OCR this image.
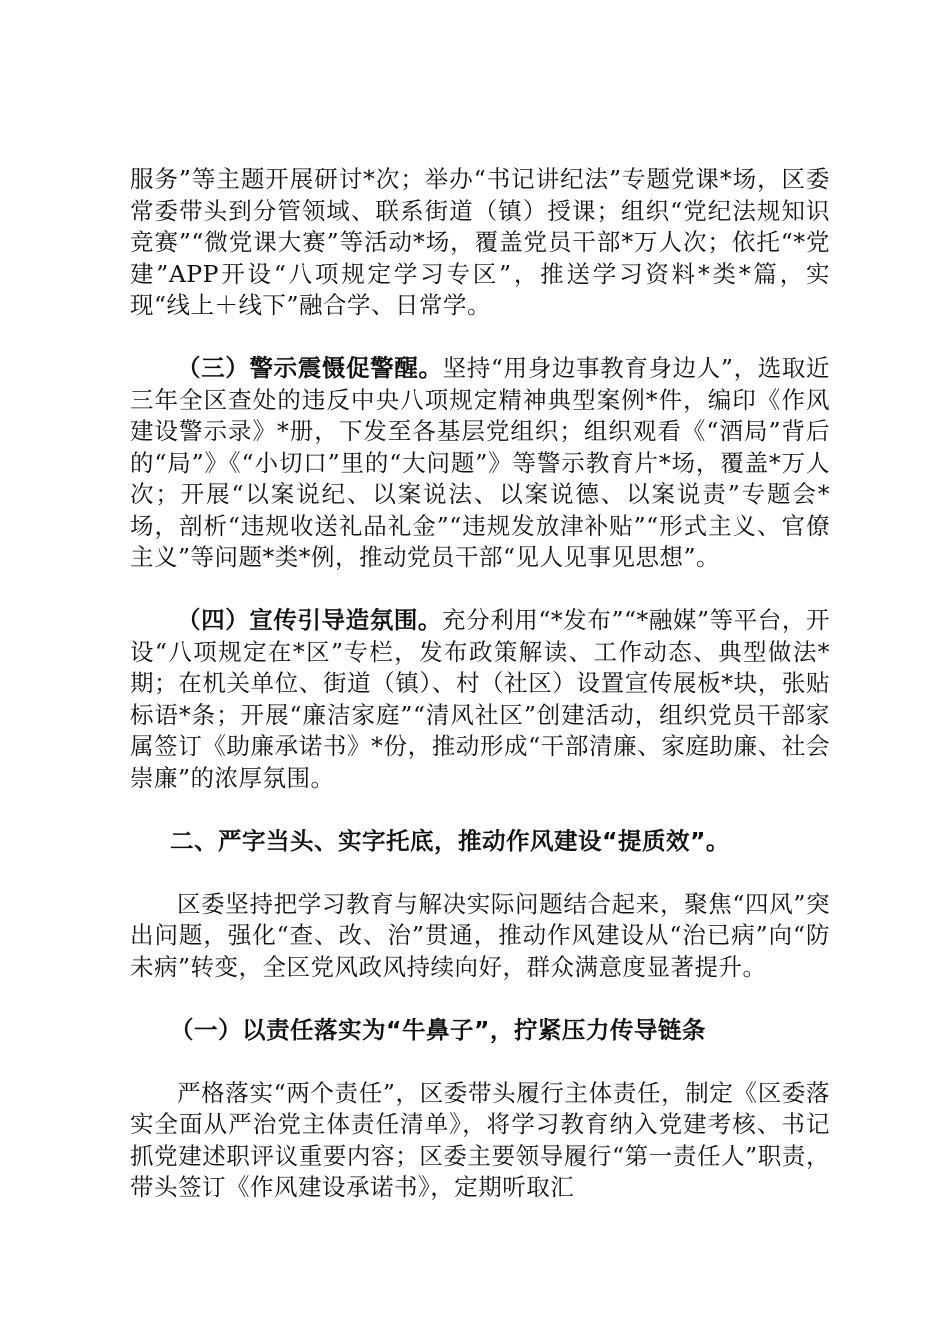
服务”等主题开展研讨*次；举办“书记讲纪法”专题党课*场，区委常委带头到分管领域、联系街道（镇）授课；组织“党纪法规知识竞赛”“微党课大赛”等活动*场，覆盖党员干部*万人次；依托“*党建”APP开设“八项规定学习专区”，推送学习资料*类*篇，实现“线上＋线下”融合学、日常学。

（三）警示震慑促警醒。坚持“用身边事教育身边人”，选取近三年全区查处的违反中央八项规定精神典型案例*件，编印《作风建设警示录》*册，下发至各基层党组织；组织观看《“酒局”背后的“局”》《“小切口”里的“大问题”》等警示教育片*场，覆盖*万人次；开展“以案说纪、以案说法、以案说德、以案说责”专题会*场，剖析“违规收送礼品礼金”“违规发放津补贴”“形式主义、官僚主义”等问题*类*例，推动党员干部“见人见事见思想”。

（四）宣传引导造氛围。充分利用“*发布”“*融媒”等平台，开设“八项规定在*区”专栏，发布政策解读、工作动态、典型做法*期；在机关单位、街道（镇）、村（社区）设置宣传展板*块，张贴标语*条；开展“廉洁家庭”“清风社区”创建活动，组织党员干部家属签订《助廉承诺书》*份，推动形成“干部清廉、家庭助廉、社会崇廉”的浓厚氛围。

二、严字当头、实字托底，推动作风建设“提质效”。

区委坚持把学习教育与解决实际问题结合起来，聚焦“四风”突出问题，强化“查、改、治”贯通，推动作风建设从“治已病”向“防未病”转变，全区党风政风持续向好，群众满意度显著提升。

（一）以责任落实为“牛鼻子”，拧紧压力传导链条

严格落实“两个责任”，区委带头履行主体责任，制定《区委落实全面从严治党主体责任清单》，将学习教育纳入党建考核、书记抓党建述职评议重要内容；区委主要领导履行“第一责任人”职责，带头签订《作风建设承诺书》，定期听取汇
